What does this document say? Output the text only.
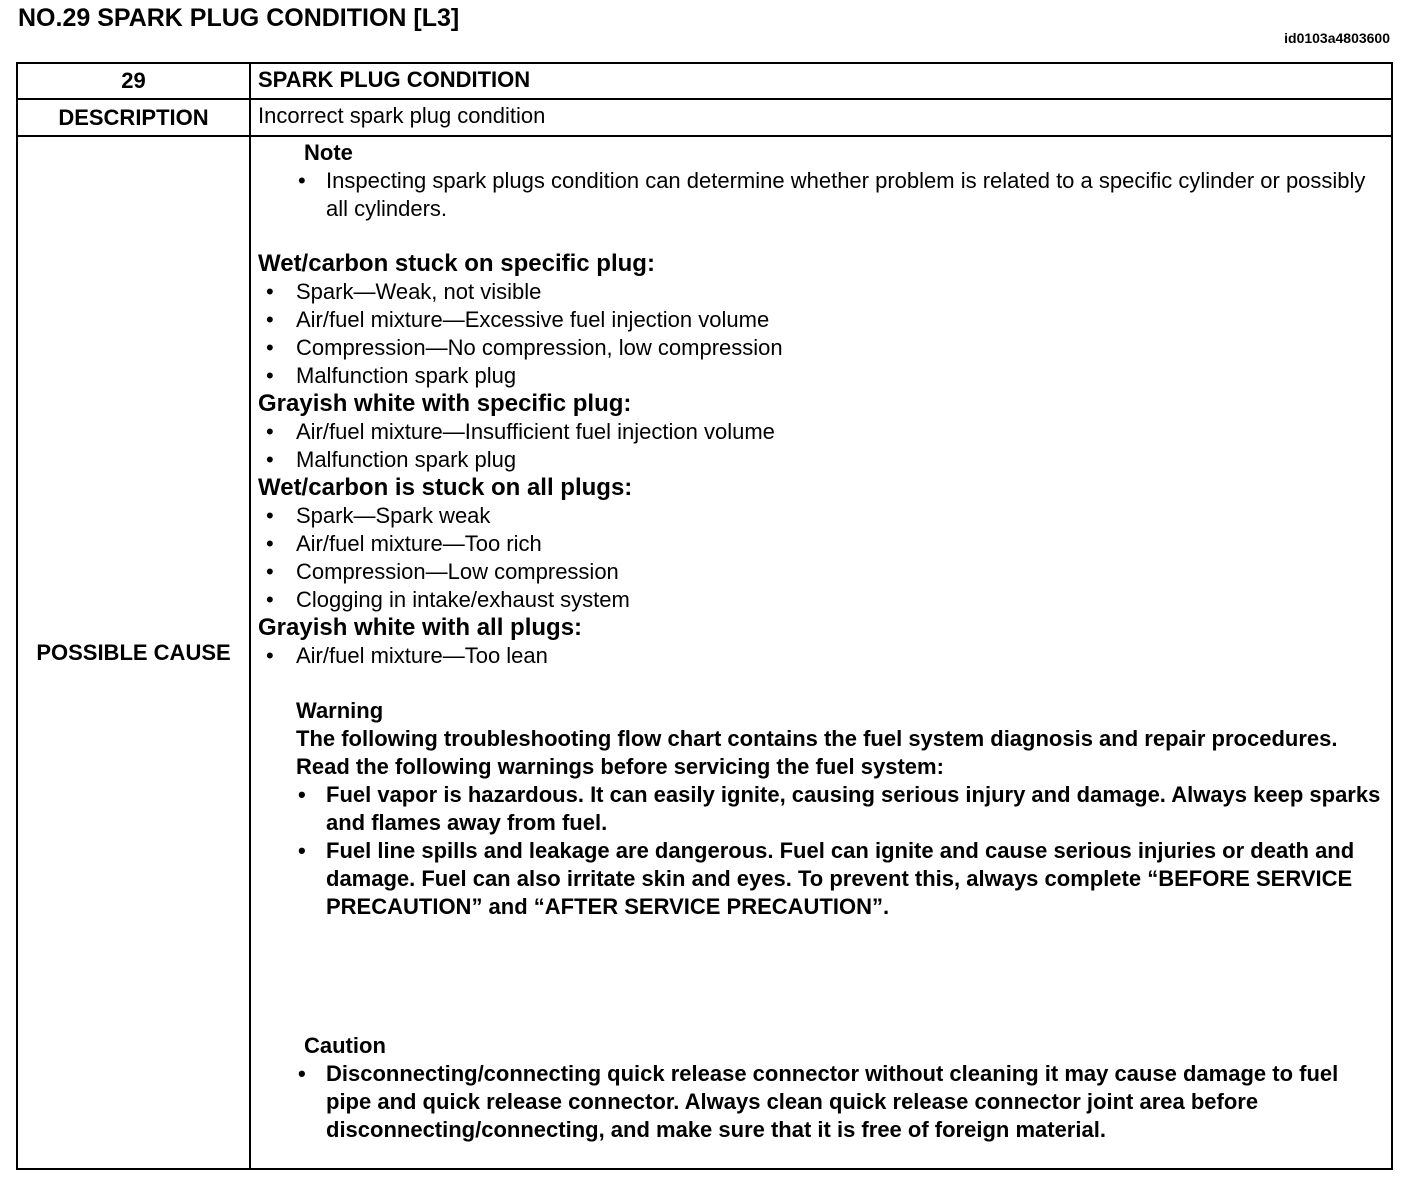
NO.29 SPARK PLUG CONDITION [L3]
id0103a4803600
29	SPARK PLUG CONDITION
DESCRIPTION	Incorrect spark plug condition
POSSIBLE CAUSE
Note
• Inspecting spark plugs condition can determine whether problem is related to a specific cylinder or possibly all cylinders.
Wet/carbon stuck on specific plug:
• Spark—Weak, not visible
• Air/fuel mixture—Excessive fuel injection volume
• Compression—No compression, low compression
• Malfunction spark plug
Grayish white with specific plug:
• Air/fuel mixture—Insufficient fuel injection volume
• Malfunction spark plug
Wet/carbon is stuck on all plugs:
• Spark—Spark weak
• Air/fuel mixture—Too rich
• Compression—Low compression
• Clogging in intake/exhaust system
Grayish white with all plugs:
• Air/fuel mixture—Too lean
Warning
The following troubleshooting flow chart contains the fuel system diagnosis and repair procedures. Read the following warnings before servicing the fuel system:
• Fuel vapor is hazardous. It can easily ignite, causing serious injury and damage. Always keep sparks and flames away from fuel.
• Fuel line spills and leakage are dangerous. Fuel can ignite and cause serious injuries or death and damage. Fuel can also irritate skin and eyes. To prevent this, always complete “BEFORE SERVICE PRECAUTION” and “AFTER SERVICE PRECAUTION”.
Caution
• Disconnecting/connecting quick release connector without cleaning it may cause damage to fuel pipe and quick release connector. Always clean quick release connector joint area before disconnecting/connecting, and make sure that it is free of foreign material.
